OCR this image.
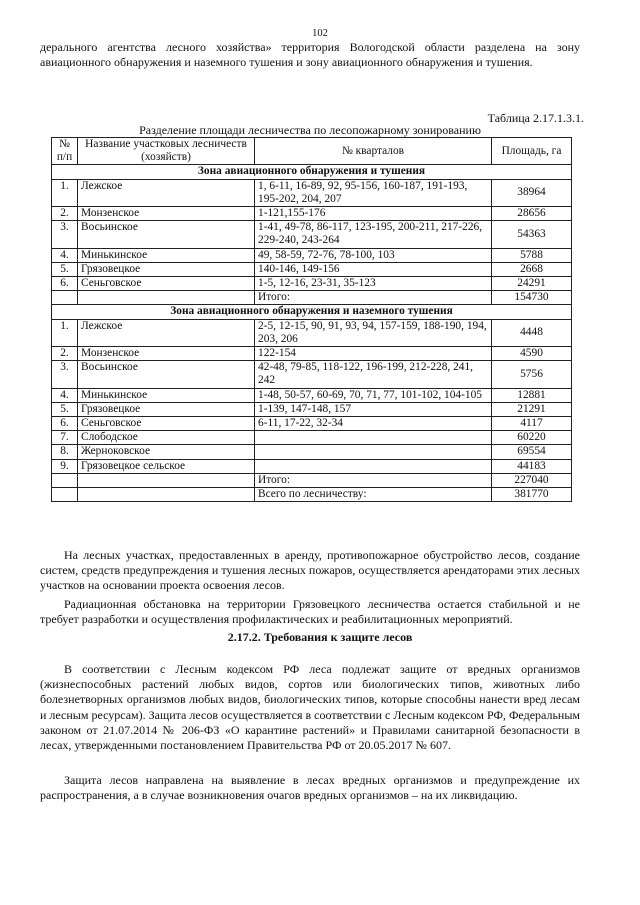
102
дерального агентства лесного хозяйства» территория Вологодской области разделена на зону авиационного обнаружения и наземного тушения и зону авиационного обнаружения и тушения.
Таблица 2.17.1.3.1.
Разделение площади лесничества по лесопожарному зонированию
№ п/п	Название участковых лесничеств (хозяйств)	№ кварталов	Площадь, га
Зона авиационного обнаружения и тушения			
1.	Лежское	1, 6-11, 16-89, 92, 95-156, 160-187, 191-193, 195-202, 204, 207	38964
2.	Монзенское	1-121,155-176	28656
3.	Восьинское	1-41, 49-78, 86-117, 123-195, 200-211, 217-226, 229-240, 243-264	54363
4.	Минькинское	49, 58-59, 72-76, 78-100, 103	5788
5.	Грязовецкое	140-146, 149-156	2668
6.	Сеньговское	1-5, 12-16, 23-31, 35-123	24291
		Итого:	154730
Зона авиационного обнаружения и наземного тушения			
1.	Лежское	2-5, 12-15, 90, 91, 93, 94, 157-159, 188-190, 194, 203, 206	4448
2.	Монзенское	122-154	4590
3.	Восьинское	42-48, 79-85, 118-122, 196-199, 212-228, 241, 242	5756
4.	Минькинское	1-48, 50-57, 60-69, 70, 71, 77, 101-102, 104-105	12881
5.	Грязовецкое	1-139, 147-148, 157	21291
6.	Сеньговское	6-11, 17-22, 32-34	4117
7.	Слободское		60220
8.	Жерноковское		69554
9.	Грязовецкое сельское		44183
		Итого:	227040
		Всего по лесничеству:	381770
На лесных участках, предоставленных в аренду, противопожарное обустройство лесов, создание систем, средств предупреждения и тушения лесных пожаров, осуществляется арендаторами этих лесных участков на основании проекта освоения лесов.
Радиационная обстановка на территории Грязовецкого лесничества остается стабильной и не требует разработки и осуществления профилактических и реабилитационных мероприятий.
2.17.2. Требования к защите лесов
В соответствии с Лесным кодексом РФ леса подлежат защите от вредных организмов (жизнеспособных растений любых видов, сортов или биологических типов, животных либо болезнетворных организмов любых видов, биологических типов, которые способны нанести вред лесам и лесным ресурсам). Защита лесов осуществляется в соответствии с Лесным кодексом РФ, Федеральным законом от 21.07.2014 № 206-ФЗ «О карантине растений» и Правилами санитарной безопасности в лесах, утвержденными постановлением Правительства РФ от 20.05.2017 № 607.
Защита лесов направлена на выявление в лесах вредных организмов и предупреждение их распространения, а в случае возникновения очагов вредных организмов – на их ликвидацию.
